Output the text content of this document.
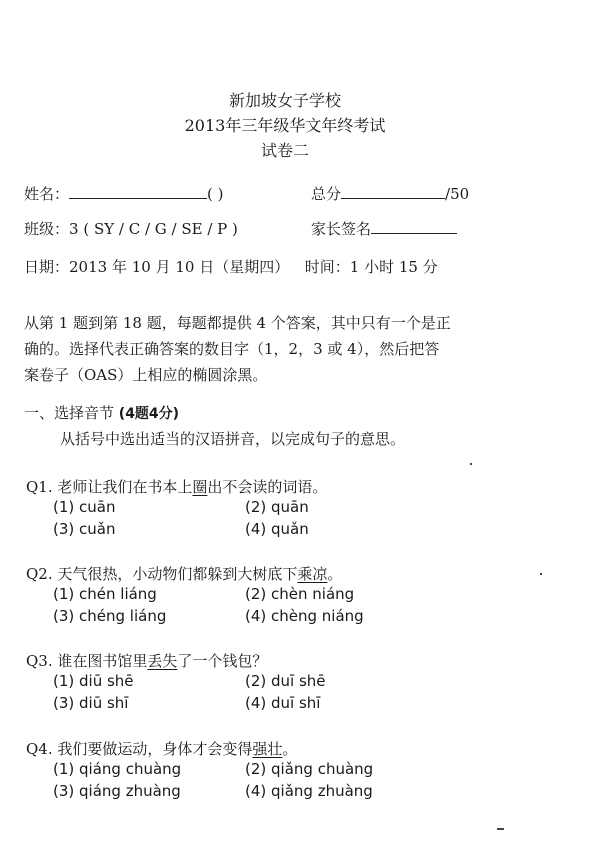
新加坡女子学校
2013年三年级华文年终考试
试卷二
姓名：	( )	总分	/50
班级：3 ( SY / C / G / SE / P )	家长签名
日期：2013 年 10 月 10 日（星期四） 时间：1 小时 15 分
从第 1 题到第 18 题，每题都提供 4 个答案，其中只有一个是正
确的。选择代表正确答案的数目字（1，2，3 或 4），然后把答
案卷子（OAS）上相应的椭圆涂黑。
一、选择音节 (4题4分)
从括号中选出适当的汉语拼音，以完成句子的意思。
Q1. 老师让我们在书本上圈出不会读的词语。
(1) cuān	(2) quān
(3) cuǎn	(4) quǎn
Q2. 天气很热，小动物们都躲到大树底下乘凉。
(1) chén liáng	(2) chèn niáng
(3) chéng liáng	(4) chèng niáng
Q3. 谁在图书馆里丢失了一个钱包？
(1) diū shē	(2) duī shē
(3) diū shī	(4) duī shī
Q4. 我们要做运动，身体才会变得强壮。
(1) qiáng chuàng	(2) qiǎng chuàng
(3) qiáng zhuàng	(4) qiǎng zhuàng
